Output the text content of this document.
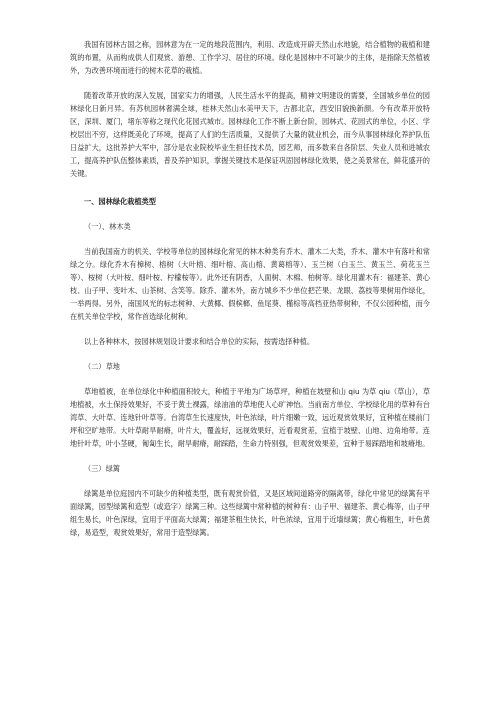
我国有园林古国之称，园林意为在一定的地段范围内，利用、改造成开辟天然山水地貌，结合植物的栽植和建筑的布置，从而构成供人们观赏、游憩、工作学习、居住的环境。绿化是园林中不可缺少的主体，是指除天然植被外，为改善环境而进行的树木花草的栽植。

随着改革开放的深入发展，国家实力的增强，人民生活水平的提高，精神文明建设的需要，全国城乡单位的园林绿化日新月异。有苏杭园林奢满全球，桂林天然山水美甲天下，古都北京，西安旧貌换新颜。今有改革开放特区，深圳、厦门，堵东等称之现代化花园式城市。园林绿化工作不断上新台阶，园林式、花园式的单位，小区、学校层出不穷，这样既美化了环境，提高了人们的生活质量，又提供了大量的就业机会，而今从事园林绿化养护队伍日益扩大，这批养护大军中，部分是农业院校毕业生担任技术员，园艺师，而多数来自各阶层、失业人员和进城农工，提高养护队伍整体素质，普及养护知识，掌握关键技术是保证巩固园林绿化效果，使之美景常在，鲜花盛开的关键。

一、园林绿化栽植类型

（一）、林木类

当前我国南方的机关、学校等单位的园林绿化常见的林木种类有乔木、灌木二大类，乔木、灌木中有落叶和常绿之分。绿化乔木有樟树、榕树（大叶榕、细叶榕、高山榕、黄葛榕等）、玉兰树（白玉兰、黄玉兰、荷花玉兰等）、桉树（大叶桉、细叶桉、柠檬桉等）。此外还有阴香，人面树、木棉、柏树等。绿化用灌木有：福建茶、黄心枝、山子甲、变叶木、山茶树、含笑等。除乔、灌木外，南方城乡不少单位把芒果、龙眼、荔枝等果树用作绿化，一举两得。另外，南国风光的标志树种、大黄椰、假槟榔、鱼尾葵、槿棕等高档亚热带树种，不仅公园种植，而今在机关单位学校，常作首选绿化树种。

以上各种林木，按园林规划设计要求和结合单位的实际，按需选择种植。

（二）草地

草地植被，在单位绿化中种植面积较大，种植于平地为广场草坪，种植在坡壁和山 qiu 为草 qiu（草山），草地植被，水土保持效果好，不妥于黄土裸露，绿油油的草地使人心旷神怡。当前南方单位、学校绿化用的草种有台湾草、大叶草、连地针叶草等。台湾草生长速度快，叶色浓绿，叶片细嫩一致，远近观赏效果好，宜种植在楼前门坪和空旷地带。大叶草耐旱耐瘠，叶片大，覆盖好，远视效果好，近看观赏差，宜植于坡壁、山地、边角地带。连地针叶草，叶小茎硬，匍匐生长，耐旱耐瘠，耐踩踏，生命力特别强，但观赏效果差，宜种于易踩踏地和坡瘠地。

（三）绿篱

绿篱是单位庭园内不可缺少的种植类型，既有观赏价值，又是区域间道路旁的隔离带，绿化中常见的绿篱有平面绿篱，园型绿篱和造型（或造字）绿篱三种。这些绿篱中常种植的树种有：山子甲、福建茶、黄心梅等，山子甲组生易长，叶色深绿，宜用于平面高大绿篱；福建茶粗生快长，叶色浓绿，宜用于近墙绿篱；黄心梅粗生，叶色黄绿，易造型，观赏效果好，常用于造型绿篱。
